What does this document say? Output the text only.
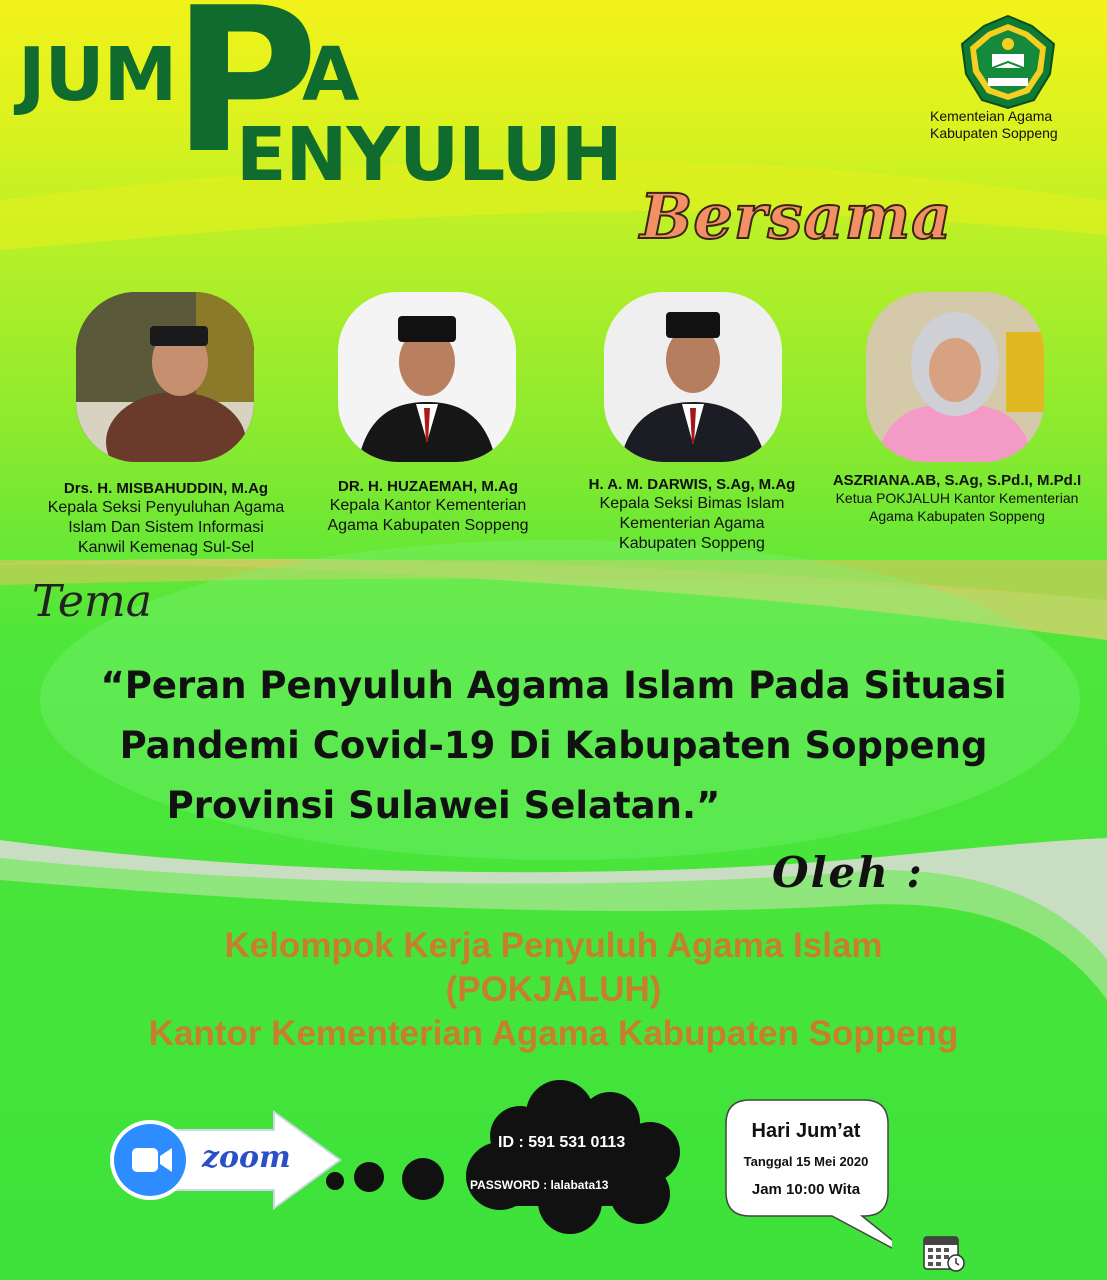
JUM
P
A
ENYULUH	Kementeian Agama
Kabupaten Soppeng
Bersama
Drs. H. MISBAHUDDIN, M.Ag
Kepala Seksi Penyuluhan Agama
Islam Dan Sistem Informasi
Kanwil Kemenag Sul-Sel
DR. H. HUZAEMAH, M.Ag
Kepala Kantor Kementerian
Agama Kabupaten Soppeng
H. A. M. DARWIS, S.Ag, M.Ag
Kepala Seksi Bimas Islam
Kementerian Agama
Kabupaten Soppeng
ASZRIANA.AB, S.Ag, S.Pd.I, M.Pd.I
Ketua POKJALUH Kantor Kementerian
Agama Kabupaten Soppeng
Tema
“Peran Penyuluh Agama Islam Pada Situasi
Pandemi Covid-19 Di Kabupaten Soppeng
Provinsi Sulawei Selatan.”
Oleh :
Kelompok Kerja Penyuluh Agama Islam
(POKJALUH)
Kantor Kementerian Agama Kabupaten Soppeng
zoom	ID : 591 531 0113
PASSWORD : lalabata13
Hari Jum’at
Tanggal 15 Mei 2020
Jam 10:00 Wita
